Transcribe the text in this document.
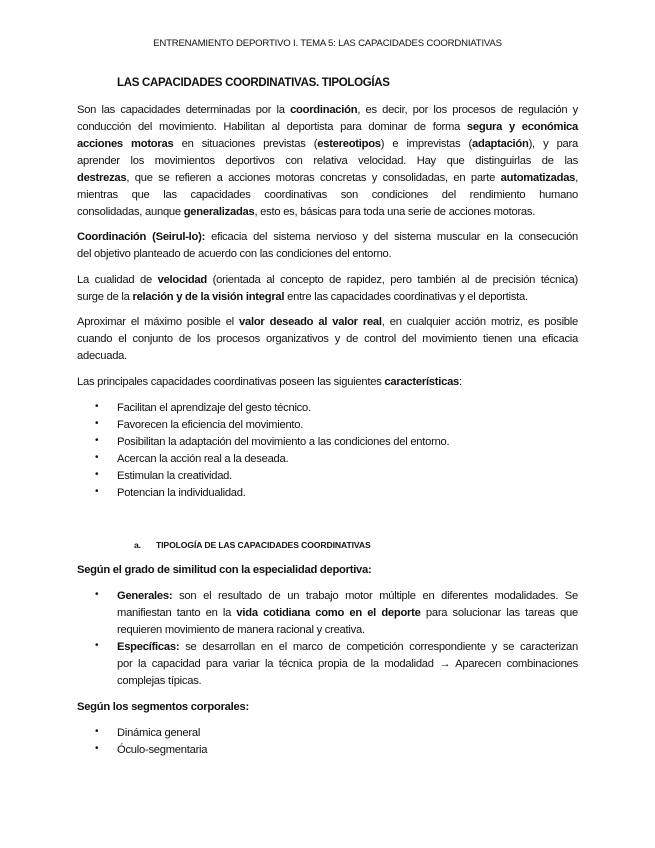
ENTRENAMIENTO DEPORTIVO I. TEMA 5: LAS CAPACIDADES COORDNIATIVAS
LAS CAPACIDADES COORDINATIVAS. TIPOLOGÍAS
a. TIPOLOGÍA DE LAS CAPACIDADES COORDINATIVAS
Son las capacidades determinadas por la coordinación, es decir, por los procesos de regulación y
conducción del movimiento. Habilitan al deportista para dominar de forma segura y económica
acciones motoras en situaciones previstas (estereotipos) e imprevistas (adaptación), y para
aprender los movimientos deportivos con relativa velocidad. Hay que distinguirlas de las
destrezas, que se refieren a acciones motoras concretas y consolidadas, en parte automatizadas,
mientras que las capacidades coordinativas son condiciones del rendimiento humano
consolidadas, aunque generalizadas, esto es, básicas para toda una serie de acciones motoras.
Coordinación (Seirul-lo): eficacia del sistema nervioso y del sistema muscular en la consecución
del objetivo planteado de acuerdo con las condiciones del entorno.
La cualidad de velocidad (orientada al concepto de rapidez, pero también al de precisión técnica)
surge de la relación y de la visión integral entre las capacidades coordinativas y el deportista.
Aproximar el máximo posible el valor deseado al valor real, en cualquier acción motriz, es posible
cuando el conjunto de los procesos organizativos y de control del movimiento tienen una eficacia
adecuada.
Las principales capacidades coordinativas poseen las siguientes características:
• Facilitan el aprendizaje del gesto técnico.
• Favorecen la eficiencia del movimiento.
• Posibilitan la adaptación del movimiento a las condiciones del entorno.
• Acercan la acción real a la deseada.
• Estimulan la creatividad.
• Potencian la individualidad.
Según el grado de similitud con la especialidad deportiva:
• Generales: son el resultado de un trabajo motor múltiple en diferentes modalidades. Se
manifiestan tanto en la vida cotidiana como en el deporte para solucionar las tareas que
requieren movimiento de manera racional y creativa.
• Específicas: se desarrollan en el marco de competición correspondiente y se caracterizan
por la capacidad para variar la técnica propia de la modalidad → Aparecen combinaciones
complejas típicas.
Según los segmentos corporales:
• Dinámica general
• Óculo-segmentaria
